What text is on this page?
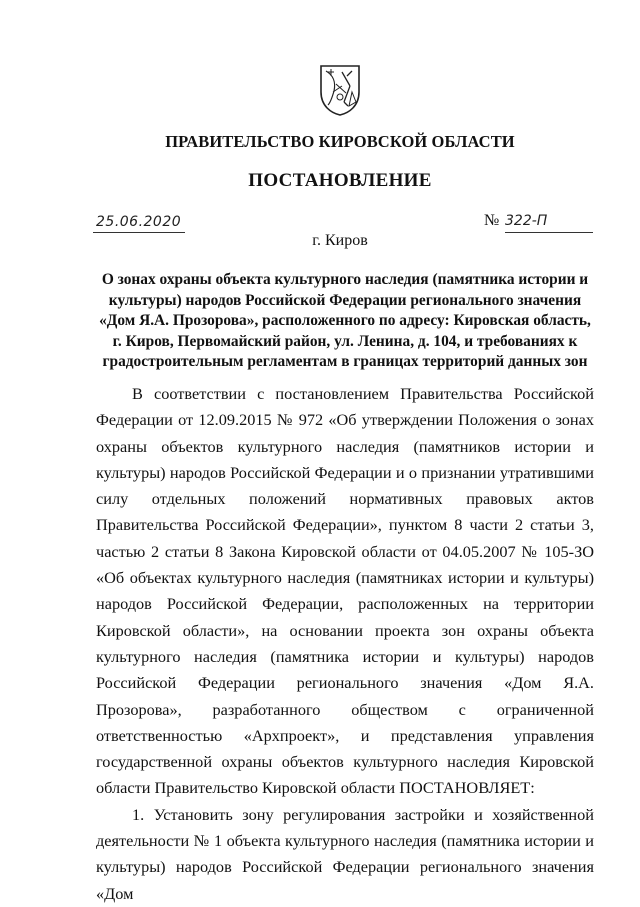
ПРАВИТЕЛЬСТВО КИРОВСКОЙ ОБЛАСТИ
ПОСТАНОВЛЕНИЕ
25.06.2020	№ 322-П
г. Киров
О зонах охраны объекта культурного наследия (памятника истории и культуры) народов Российской Федерации регионального значения «Дом Я.А. Прозорова», расположенного по адресу: Кировская область, г. Киров, Первомайский район, ул. Ленина, д. 104, и требованиях к градостроительным регламентам в границах территорий данных зон

В соответствии с постановлением Правительства Российской Федерации от 12.09.2015 № 972 «Об утверждении Положения о зонах охраны объектов культурного наследия (памятников истории и культуры) народов Российской Федерации и о признании утратившими силу отдельных положений нормативных правовых актов Правительства Российской Федерации», пунктом 8 части 2 статьи 3, частью 2 статьи 8 Закона Кировской области от 04.05.2007 № 105-ЗО «Об объектах культурного наследия (памятниках истории и культуры) народов Российской Федерации, расположенных на территории Кировской области», на основании проекта зон охраны объекта культурного наследия (памятника истории и культуры) народов Российской Федерации регионального значения «Дом Я.А. Прозорова», разработанного обществом с ограниченной ответственностью «Архпроект», и представления управления государственной охраны объектов культурного наследия Кировской области Правительство Кировской области ПОСТАНОВЛЯЕТ:

1. Установить зону регулирования застройки и хозяйственной деятельности № 1 объекта культурного наследия (памятника истории и культуры) народов Российской Федерации регионального значения «Дом
